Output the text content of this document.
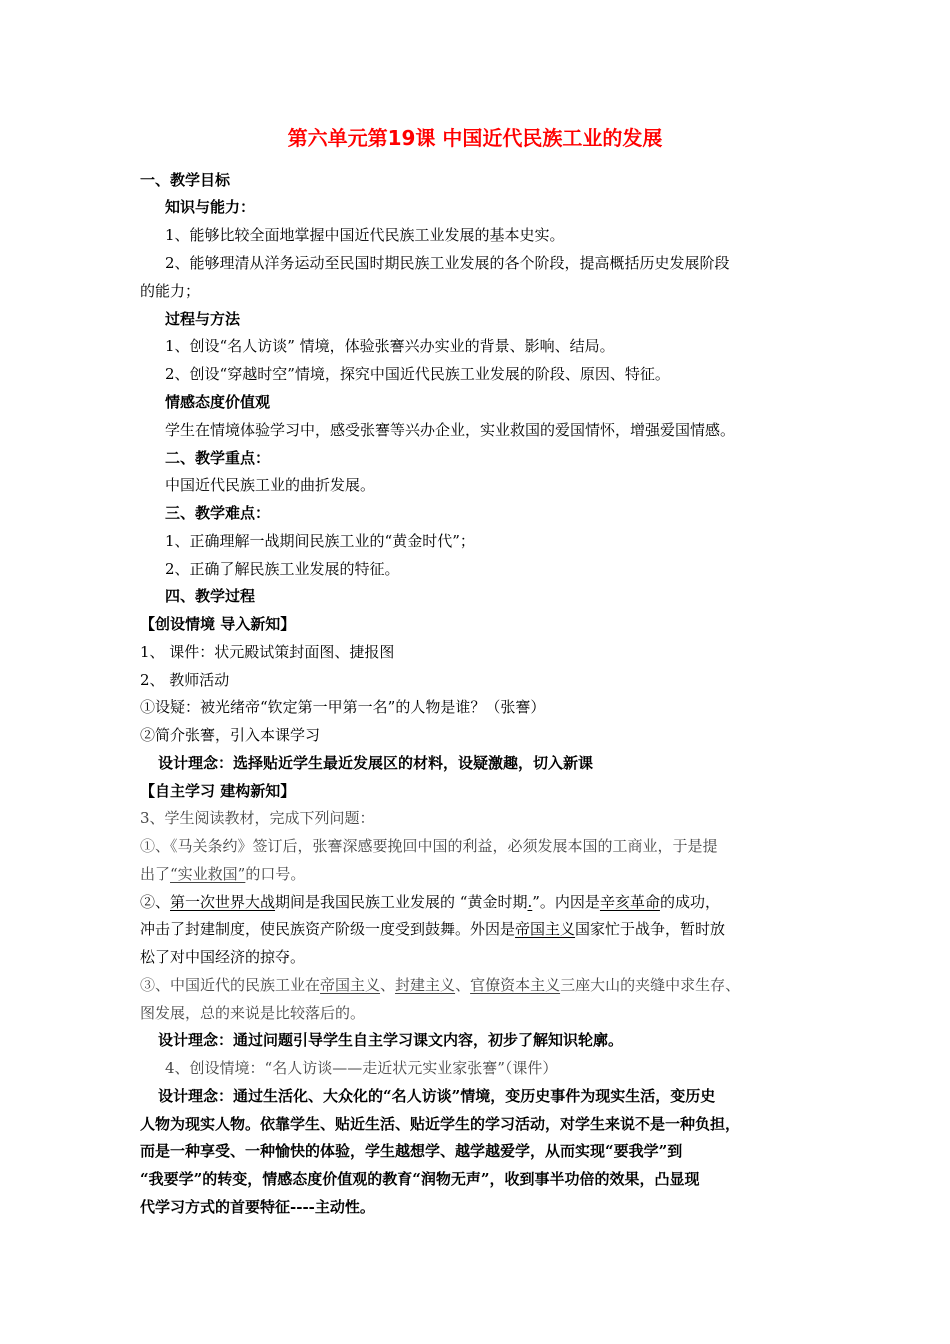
第六单元第19课 中国近代民族工业的发展
一、教学目标
知识与能力：
1、能够比较全面地掌握中国近代民族工业发展的基本史实。
2、能够理清从洋务运动至民国时期民族工业发展的各个阶段，提高概括历史发展阶段
的能力；
过程与方法
1、创设“名人访谈” 情境，体验张謇兴办实业的背景、影响、结局。
2、创设“穿越时空”情境，探究中国近代民族工业发展的阶段、原因、特征。
情感态度价值观
学生在情境体验学习中，感受张謇等兴办企业，实业救国的爱国情怀，增强爱国情感。
二、教学重点：
中国近代民族工业的曲折发展。
三、教学难点：
1、正确理解一战期间民族工业的“黄金时代”；
2、正确了解民族工业发展的特征。
四、教学过程
【创设情境 导入新知】
1、 课件：状元殿试策封面图、捷报图
2、 教师活动
①设疑：被光绪帝“钦定第一甲第一名”的人物是谁？（张謇）
②简介张謇，引入本课学习
设计理念：选择贴近学生最近发展区的材料，设疑激趣，切入新课
【自主学习 建构新知】
3、学生阅读教材，完成下列问题：
①、《马关条约》签订后，张謇深感要挽回中国的利益，必须发展本国的工商业，于是提
出了“实业救国”的口号。
②、第一次世界大战期间是我国民族工业发展的 “黄金时期.”。内因是辛亥革命的成功，
冲击了封建制度，使民族资产阶级一度受到鼓舞。外因是帝国主义国家忙于战争，暂时放
松了对中国经济的掠夺。
③、中国近代的民族工业在帝国主义、封建主义、官僚资本主义三座大山的夹缝中求生存、
图发展，总的来说是比较落后的。
设计理念：通过问题引导学生自主学习课文内容，初步了解知识轮廓。
4、创设情境：“名人访谈——走近状元实业家张謇”（课件）
设计理念：通过生活化、大众化的“名人访谈”情境，变历史事件为现实生活，变历史
人物为现实人物。依靠学生、贴近生活、贴近学生的学习活动，对学生来说不是一种负担，
而是一种享受、一种愉快的体验，学生越想学、越学越爱学，从而实现“要我学”到
“我要学”的转变，情感态度价值观的教育“润物无声”，收到事半功倍的效果，凸显现
代学习方式的首要特征----主动性。
